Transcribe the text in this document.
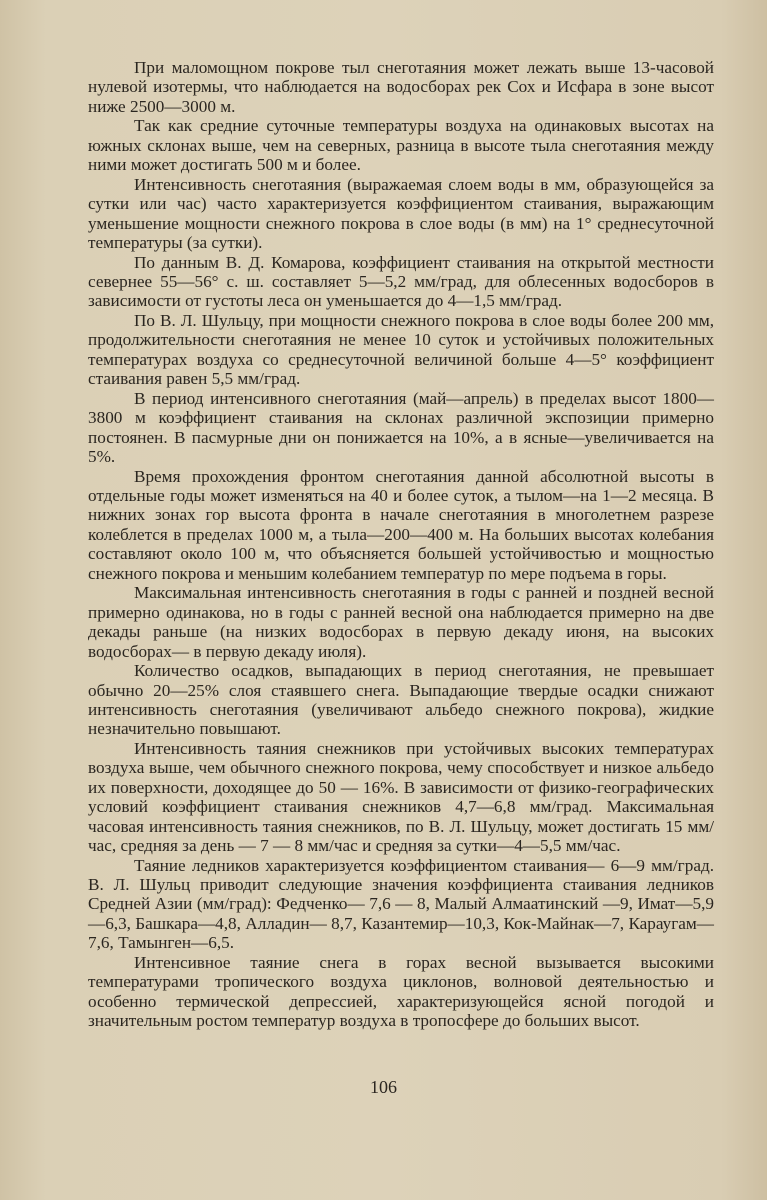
При маломощном покрове тыл снеготаяния может лежать выше 13-часовой нулевой изотермы, что наблюдается на водосборах рек Сох и Исфара в зоне высот ниже 2500—3000 м.

Так как средние суточные температуры воздуха на одинаковых высотах на южных склонах выше, чем на северных, разница в высоте тыла снеготаяния между ними может достигать 500 м и более.

Интенсивность снеготаяния (выражаемая слоем воды в мм, образующейся за сутки или час) часто характеризуется коэффициентом стаивания, выражающим уменьшение мощности снежного покрова в слое воды (в мм) на 1° среднесуточной температуры (за сутки).

По данным В. Д. Комарова, коэффициент стаивания на открытой местности севернее 55—56° с. ш. составляет 5—5,2 мм/град, для облесенных водосборов в зависимости от густоты леса он уменьшается до 4—1,5 мм/град.

По В. Л. Шульцу, при мощности снежного покрова в слое воды более 200 мм, продолжительности снеготаяния не менее 10 суток и устойчивых положительных температурах воздуха со среднесуточной величиной больше 4—5° коэффициент стаивания равен 5,5 мм/град.

В период интенсивного снеготаяния (май—апрель) в пределах высот 1800—3800 м коэффициент стаивания на склонах различной экспозиции примерно постоянен. В пасмурные дни он понижается на 10%, а в ясные—увеличивается на 5%.

Время прохождения фронтом снеготаяния данной абсолютной высоты в отдельные годы может изменяться на 40 и более суток, а тылом—на 1—2 месяца. В нижних зонах гор высота фронта в начале снеготаяния в многолетнем разрезе колеблется в пределах 1000 м, а тыла—200—400 м. На больших высотах колебания составляют около 100 м, что объясняется большей устойчивостью и мощностью снежного покрова и меньшим колебанием температур по мере подъема в горы.

Максимальная интенсивность снеготаяния в годы с ранней и поздней весной примерно одинакова, но в годы с ранней весной она наблюдается примерно на две декады раньше (на низких водосборах в первую декаду июня, на высоких водосборах— в первую декаду июля).

Количество осадков, выпадающих в период снеготаяния, не превышает обычно 20—25% слоя стаявшего снега. Выпадающие твердые осадки снижают интенсивность снеготаяния (увеличивают альбедо снежного покрова), жидкие незначительно повышают.

Интенсивность таяния снежников при устойчивых высоких температурах воздуха выше, чем обычного снежного покрова, чему способствует и низкое альбедо их поверхности, доходящее до 50 — 16%. В зависимости от физико-географических условий коэффициент стаивания снежников 4,7—6,8 мм/град. Максимальная часовая интенсивность таяния снежников, по В. Л. Шульцу, может достигать 15 мм/час, средняя за день — 7 — 8 мм/час и средняя за сутки—4—5,5 мм/час.

Таяние ледников характеризуется коэффициентом стаивания— 6—9 мм/град. В. Л. Шульц приводит следующие значения коэффициента стаивания ледников Средней Азии (мм/град): Федченко— 7,6 — 8, Малый Алмаатинский —9, Имат—5,9—6,3, Башкара—4,8, Алладин— 8,7, Казантемир—10,3, Кок-Майнак—7, Караугам—7,6, Тамынген—6,5.

Интенсивное таяние снега в горах весной вызывается высокими температурами тропического воздуха циклонов, волновой деятельностью и особенно термической депрессией, характеризующейся ясной погодой и значительным ростом температур воздуха в тропосфере до больших высот.

106
